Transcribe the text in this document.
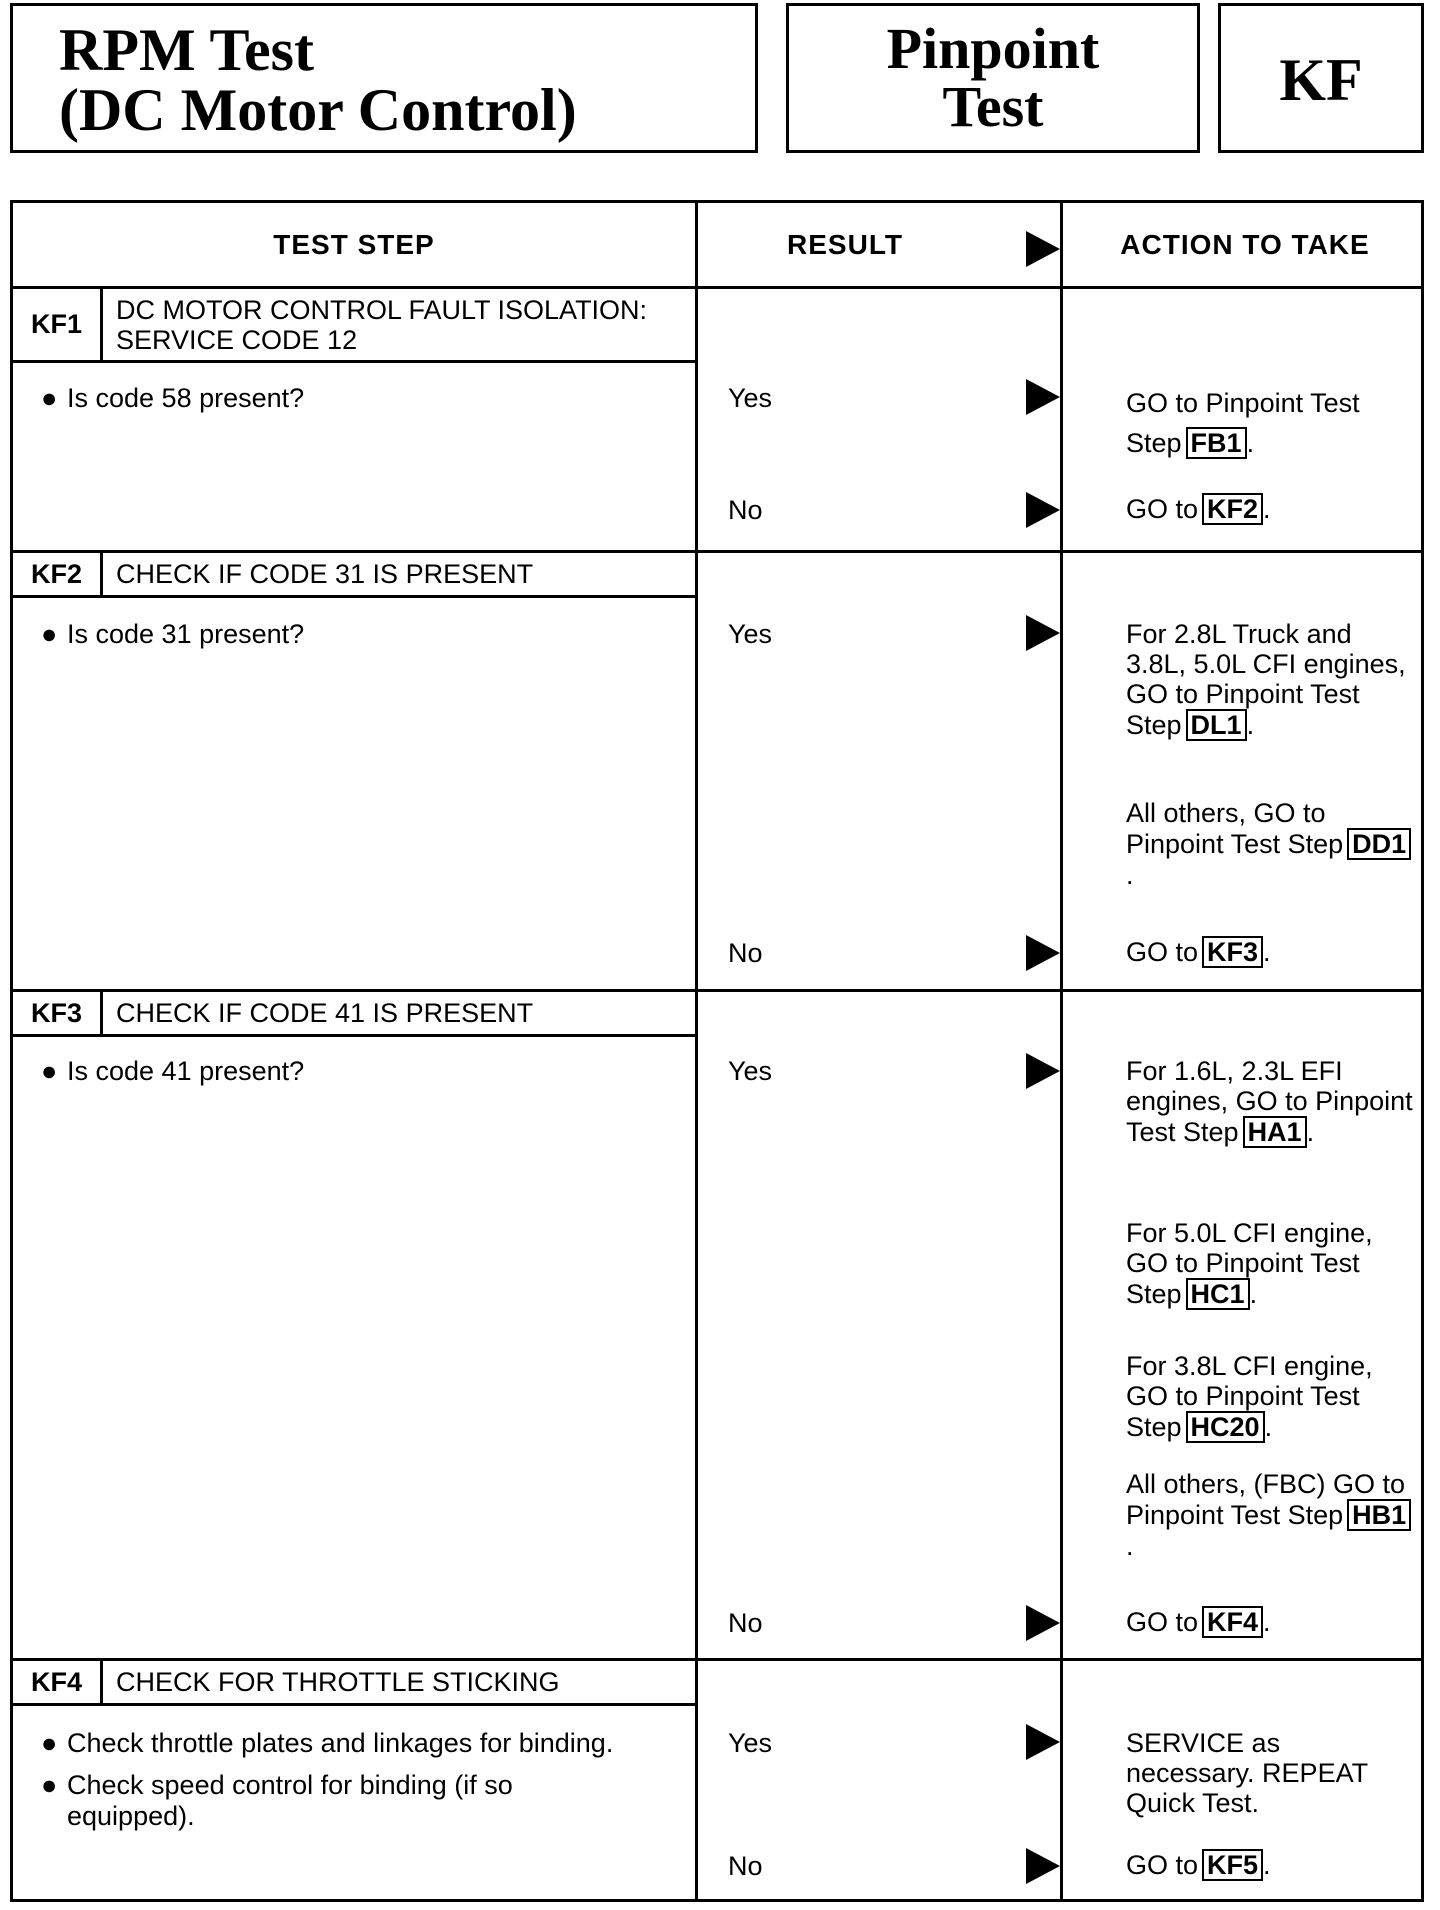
RPM Test
(DC Motor Control)
Pinpoint
Test	KF
TEST STEP	RESULT	ACTION TO TAKE
KF1	DC MOTOR CONTROL FAULT ISOLATION: SERVICE CODE 12
● Is code 58 present?	Yes	GO to Pinpoint Test Step FB1 .
No	GO to KF2 .
KF2	CHECK IF CODE 31 IS PRESENT
● Is code 31 present?	Yes	For 2.8L Truck and 3.8L, 5.0L CFI engines, GO to Pinpoint Test Step DL1 .
All others, GO to Pinpoint Test Step DD1.
No	GO to KF3 .
KF3	CHECK IF CODE 41 IS PRESENT
● Is code 41 present?	Yes	For 1.6L, 2.3L EFI engines, GO to Pinpoint Test Step HA1 .
For 5.0L CFI engine, GO to Pinpoint Test Step HC1 .
For 3.8L CFI engine, GO to Pinpoint Test Step HC20 .
All others, (FBC) GO to Pinpoint Test Step HB1.
No	GO to KF4 .
KF4	CHECK FOR THROTTLE STICKING
● Check throttle plates and linkages for binding.
● Check speed control for binding (if so equipped).
Yes	SERVICE as necessary. REPEAT Quick Test.
No	GO to KF5 .
